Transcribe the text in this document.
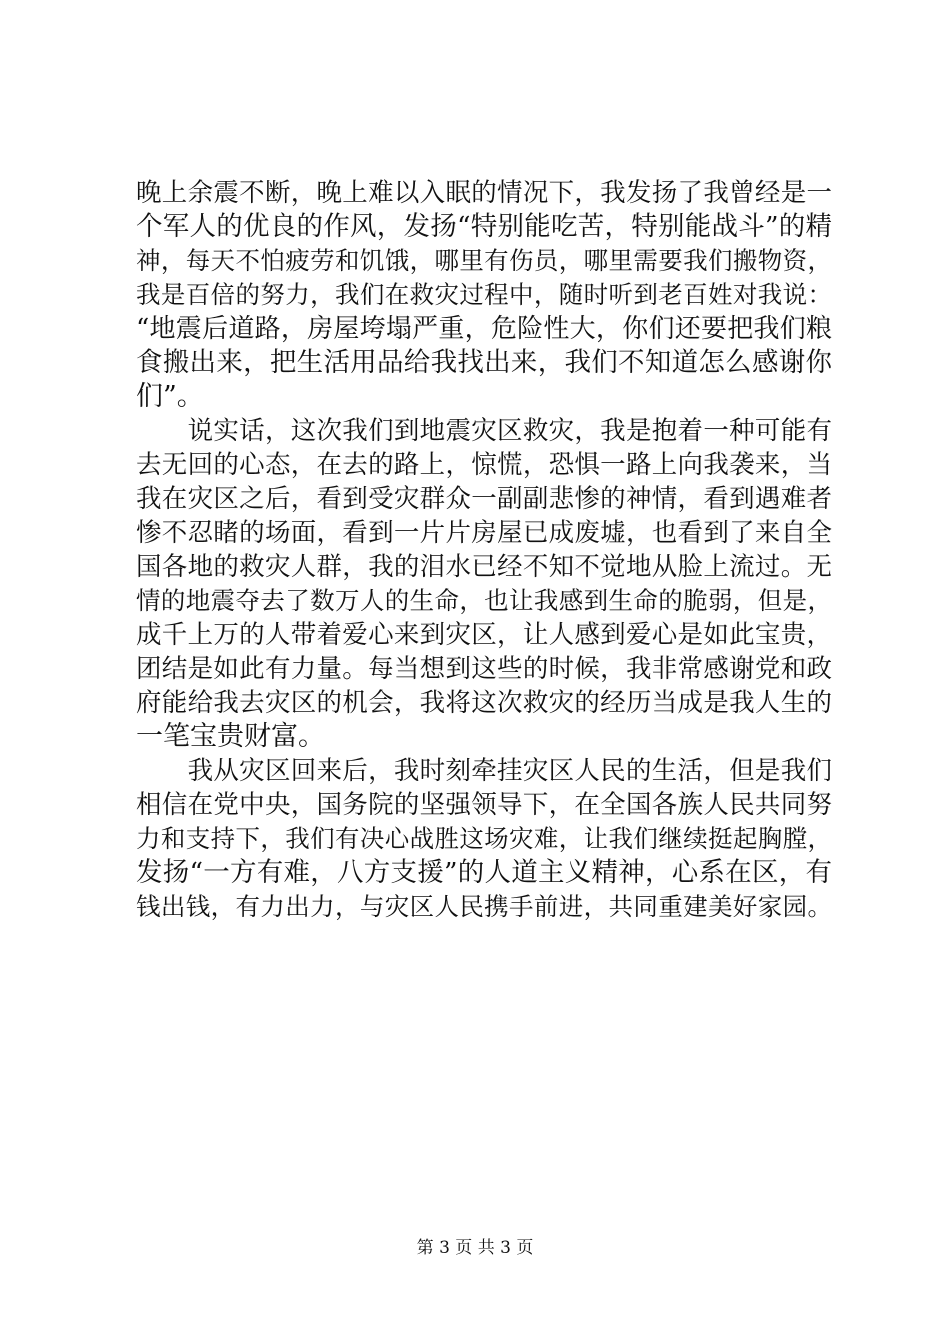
晚上余震不断，晚上难以入眠的情况下，我发扬了我曾经是一
个军人的优良的作风，发扬“特别能吃苦，特别能战斗”的精
神，每天不怕疲劳和饥饿，哪里有伤员，哪里需要我们搬物资，
我是百倍的努力，我们在救灾过程中，随时听到老百姓对我说：
“地震后道路，房屋垮塌严重，危险性大，你们还要把我们粮
食搬出来，把生活用品给我找出来，我们不知道怎么感谢你
们”。
　　说实话，这次我们到地震灾区救灾，我是抱着一种可能有
去无回的心态，在去的路上，惊慌，恐惧一路上向我袭来，当
我在灾区之后，看到受灾群众一副副悲惨的神情，看到遇难者
惨不忍睹的场面，看到一片片房屋已成废墟，也看到了来自全
国各地的救灾人群，我的泪水已经不知不觉地从脸上流过。无
情的地震夺去了数万人的生命，也让我感到生命的脆弱，但是，
成千上万的人带着爱心来到灾区，让人感到爱心是如此宝贵，
团结是如此有力量。每当想到这些的时候，我非常感谢党和政
府能给我去灾区的机会，我将这次救灾的经历当成是我人生的
一笔宝贵财富。
　　我从灾区回来后，我时刻牵挂灾区人民的生活，但是我们
相信在党中央，国务院的坚强领导下，在全国各族人民共同努
力和支持下，我们有决心战胜这场灾难，让我们继续挺起胸膛，
发扬“一方有难，八方支援”的人道主义精神，心系在区，有
钱出钱，有力出力，与灾区人民携手前进，共同重建美好家园。
第 3 页 共 3 页
